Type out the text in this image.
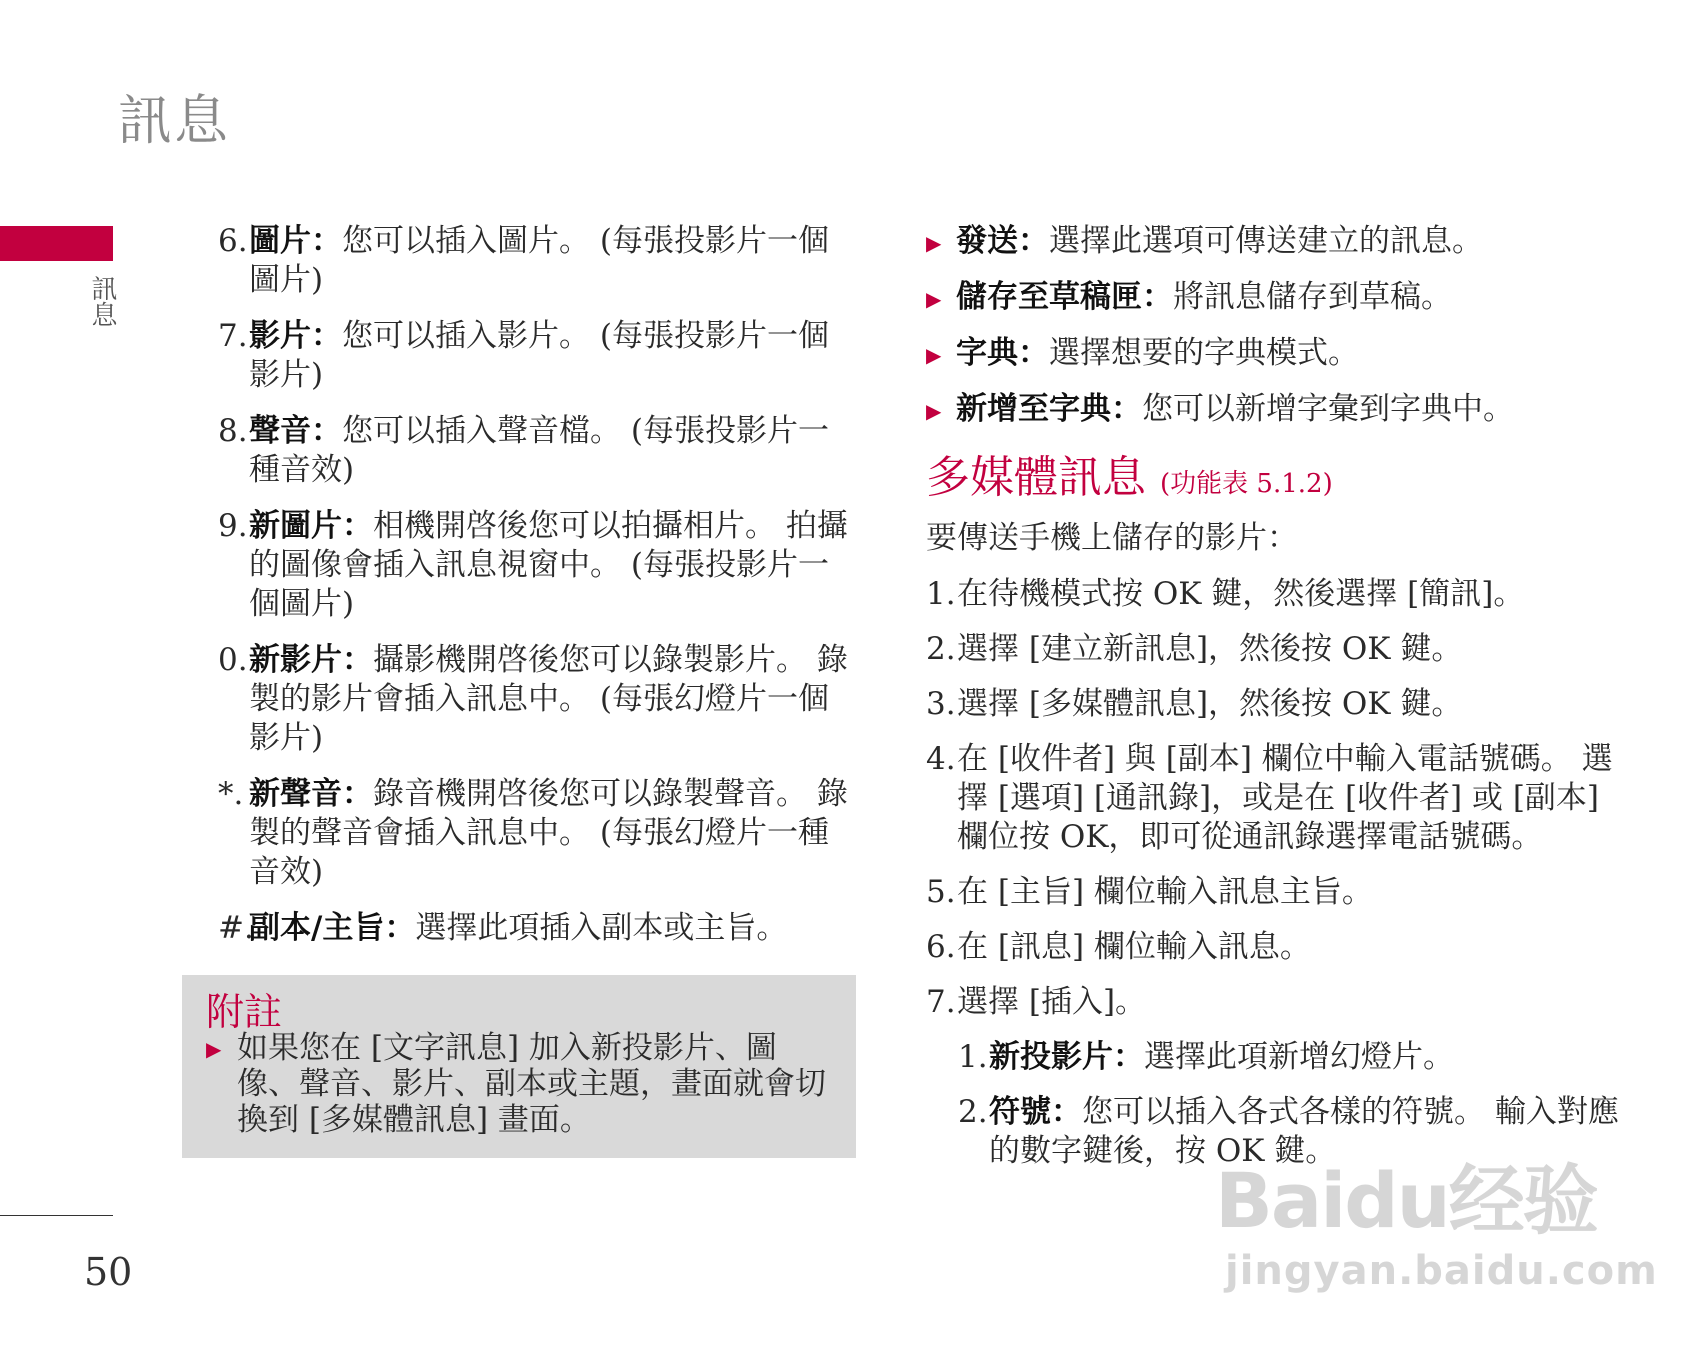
訊息
訊息
50
6. 圖片：您可以插入圖片。 (每張投影片一個圖片)
7. 影片：您可以插入影片。 (每張投影片一個影片)
8. 聲音：您可以插入聲音檔。 (每張投影片一種音效)
9. 新圖片：相機開啓後您可以拍攝相片。 拍攝的圖像會插入訊息視窗中。 (每張投影片一個圖片)
0. 新影片：攝影機開啓後您可以錄製影片。 錄製的影片會插入訊息中。 (每張幻燈片一個影片)
*. 新聲音：錄音機開啓後您可以錄製聲音。 錄製的聲音會插入訊息中。 (每張幻燈片一種音效)
#.
副本/主旨：選擇此項插入副本或主旨。
附註
▶ 如果您在 [文字訊息] 加入新投影片、圖像、聲音、影片、副本或主題，畫面就會切換到 [多媒體訊息] 畫面。
▶ 發送：選擇此選項可傳送建立的訊息。
▶ 儲存至草稿匣：將訊息儲存到草稿。
▶ 字典：選擇想要的字典模式。
▶ 新增至字典：您可以新增字彙到字典中。
多媒體訊息 (功能表 5.1.2)
要傳送手機上儲存的影片：
1. 在待機模式按 OK 鍵，然後選擇 [簡訊]。
2. 選擇 [建立新訊息]，然後按 OK 鍵。
3. 選擇 [多媒體訊息]，然後按 OK 鍵。
4. 在 [收件者] 與 [副本] 欄位中輸入電話號碼。 選擇 [選項] [通訊錄]，或是在 [收件者] 或 [副本] 欄位按 OK，即可從通訊錄選擇電話號碼。
5. 在 [主旨] 欄位輸入訊息主旨。
6. 在 [訊息] 欄位輸入訊息。
7. 選擇 [插入]。
1. 新投影片：選擇此項新增幻燈片。
2. 符號：您可以插入各式各樣的符號。 輸入對應的數字鍵後，按 OK 鍵。
Baidu经验
jingyan.baidu.com
